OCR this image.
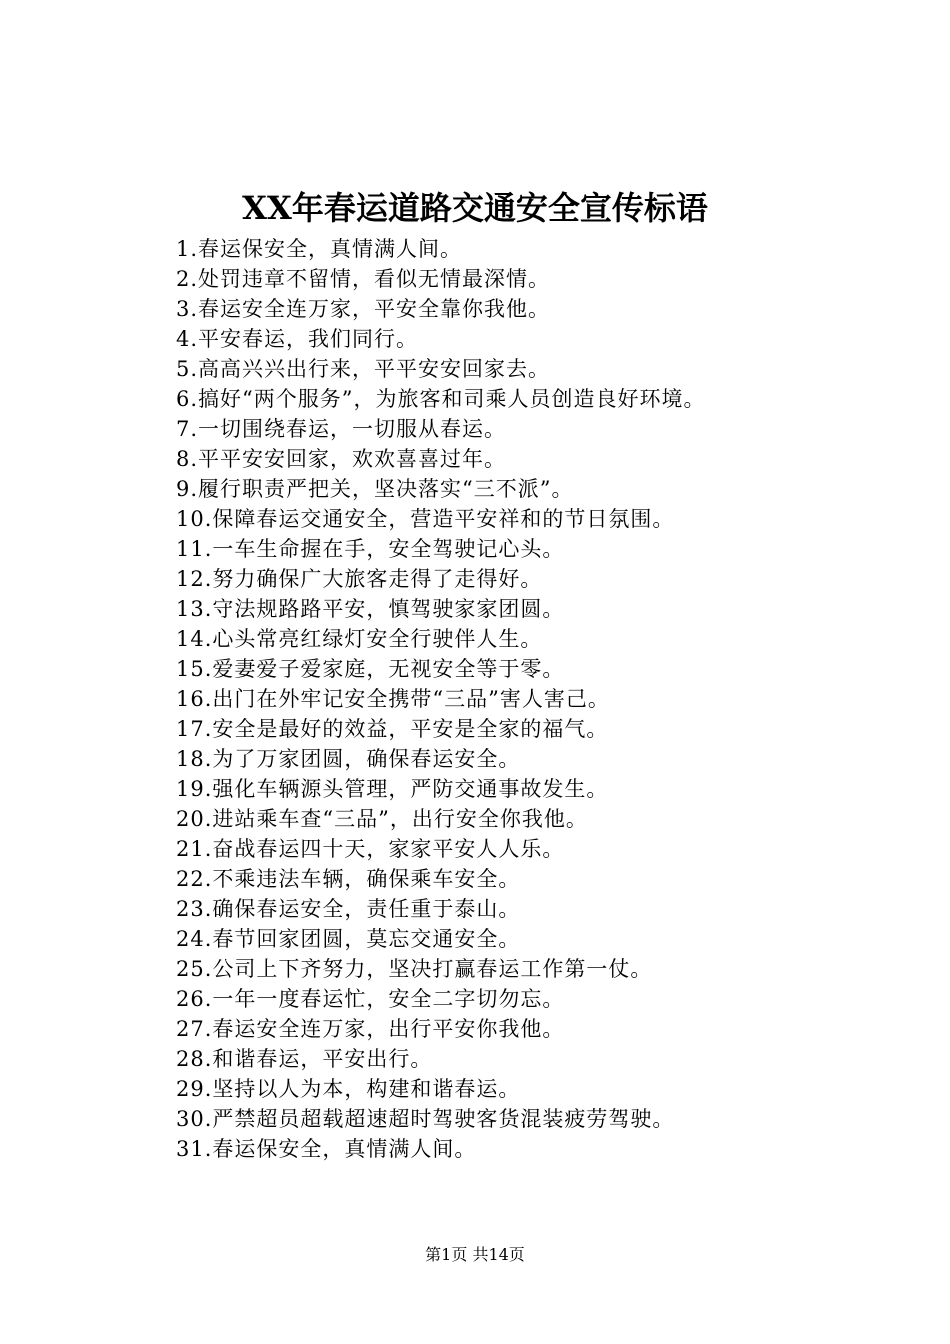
XX年春运道路交通安全宣传标语
1.春运保安全，真情满人间。
2.处罚违章不留情，看似无情最深情。
3.春运安全连万家，平安全靠你我他。
4.平安春运，我们同行。
5.高高兴兴出行来，平平安安回家去。
6.搞好“两个服务”，为旅客和司乘人员创造良好环境。
7.一切围绕春运，一切服从春运。
8.平平安安回家，欢欢喜喜过年。
9.履行职责严把关，坚决落实“三不派”。
10.保障春运交通安全，营造平安祥和的节日氛围。
11.一车生命握在手，安全驾驶记心头。
12.努力确保广大旅客走得了走得好。
13.守法规路路平安，慎驾驶家家团圆。
14.心头常亮红绿灯安全行驶伴人生。
15.爱妻爱子爱家庭，无视安全等于零。
16.出门在外牢记安全携带“三品”害人害己。
17.安全是最好的效益，平安是全家的福气。
18.为了万家团圆，确保春运安全。
19.强化车辆源头管理，严防交通事故发生。
20.进站乘车查“三品”，出行安全你我他。
21.奋战春运四十天，家家平安人人乐。
22.不乘违法车辆，确保乘车安全。
23.确保春运安全，责任重于泰山。
24.春节回家团圆，莫忘交通安全。
25.公司上下齐努力，坚决打赢春运工作第一仗。
26.一年一度春运忙，安全二字切勿忘。
27.春运安全连万家，出行平安你我他。
28.和谐春运，平安出行。
29.坚持以人为本，构建和谐春运。
30.严禁超员超载超速超时驾驶客货混装疲劳驾驶。
31.春运保安全，真情满人间。
第1页 共14页
